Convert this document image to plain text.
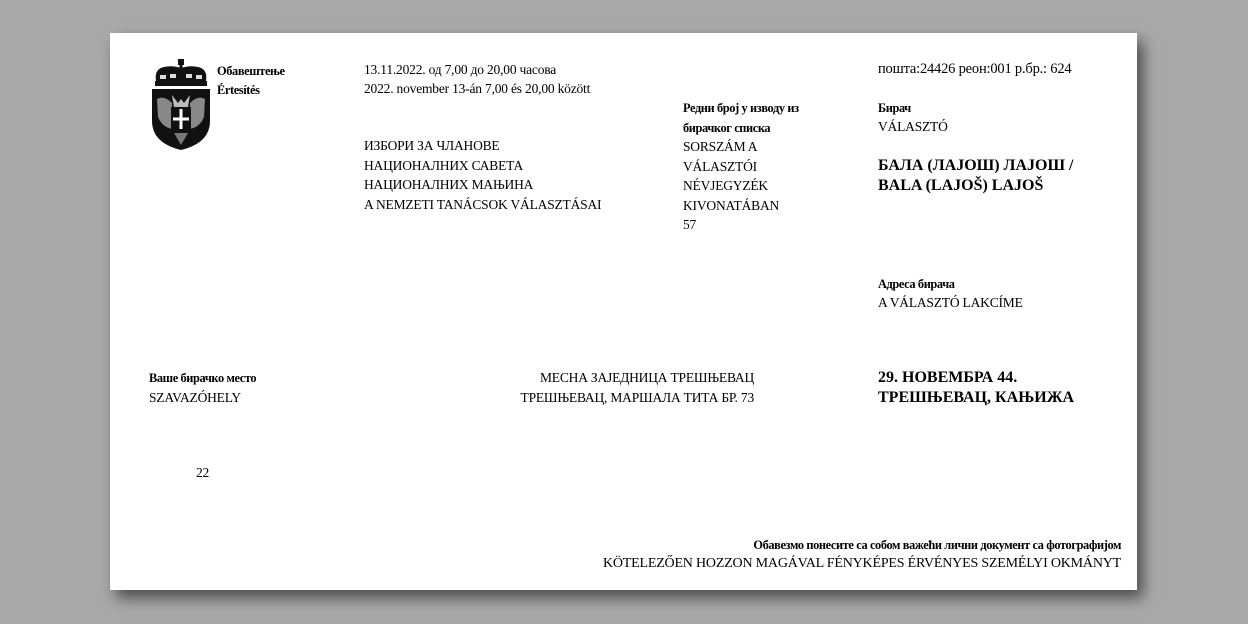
Обавештење
Értesítés
13.11.2022. од 7,00 до 20,00 часова
2022. november 13-án 7,00 és 20,00 között
ИЗБОРИ ЗА ЧЛАНОВЕ
НАЦИОНАЛНИХ САВЕТА
НАЦИОНАЛНИХ МАЊИНА
A NEMZETI TANÁCSOK VÁLASZTÁSAI
Редни број у изводу из
бирачког списка
SORSZÁM A
VÁLASZTÓI
NÉVJEGYZÉK
KIVONATÁBAN
57
пошта:24426 реон:001 р.бр.: 624
Бирач
VÁLASZTÓ
БАЛА (ЛАЈОШ) ЛАЈОШ /
BALA (LAJOŠ) LAJOŠ
Адреса бирача
A VÁLASZTÓ LAKCÍME
Ваше бирачко место
SZAVAZÓHELY
МЕСНА ЗАЈЕДНИЦА ТРЕШЊЕВАЦ
ТРЕШЊЕВАЦ, МАРШАЛА ТИТА БР. 73
29. НОВЕМБРА 44.
ТРЕШЊЕВАЦ, КАЊИЖА
22
Обавезмо понесите са собом важећи лични документ са фотографијом
KÖTELEZŐEN HOZZON MAGÁVAL FÉNYKÉPES ÉRVÉNYES SZEMÉLYI OKMÁNYT
